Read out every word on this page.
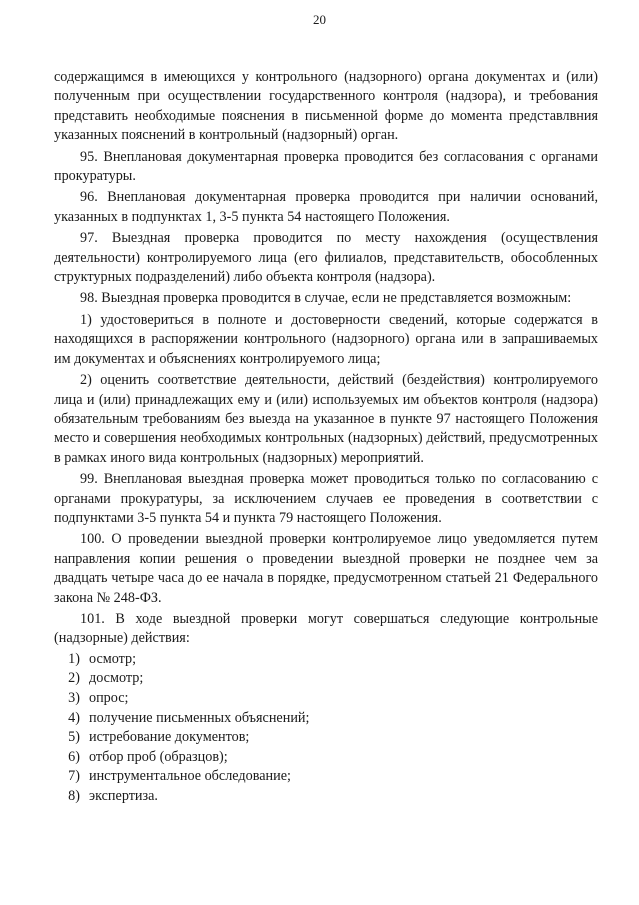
20

содержащимся в имеющихся у контрольного (надзорного) органа документах и (или) полученным при осуществлении государственного контроля (надзора), и требования представить необходимые пояснения в письменной форме до момента представлвния указанных пояснений в контрольный (надзорный) орган.

95. Внеплановая документарная проверка проводится без согласования с органами прокуратуры.

96. Внеплановая документарная проверка проводится при наличии оснований, указанных в подпунктах 1, 3-5 пункта 54 настоящего Положения.

97. Выездная проверка проводится по месту нахождения (осуществления деятельности) контролируемого лица (его филиалов, представительств, обособленных структурных подразделений) либо объекта контроля (надзора).

98. Выездная проверка проводится в случае, если не представляется возможным:

1) удостовериться в полноте и достоверности сведений, которые содержатся в находящихся в распоряжении контрольного (надзорного) органа или в запрашиваемых им документах и объяснениях контролируемого лица;

2) оценить соответствие деятельности, действий (бездействия) контролируемого лица и (или) принадлежащих ему и (или) используемых им объектов контроля (надзора) обязательным требованиям без выезда на указанное в пункте 97 настоящего Положения место и совершения необходимых контрольных (надзорных) действий, предусмотренных в рамках иного вида контрольных (надзорных) мероприятий.

99. Внеплановая выездная проверка может проводиться только по согласованию с органами прокуратуры, за исключением случаев ее проведения в соответствии с подпунктами 3-5 пункта 54 и пункта 79 настоящего Положения.

100. О проведении выездной проверки контролируемое лицо уведомляется путем направления копии решения о проведении выездной проверки не позднее чем за двадцать четыре часа до ее начала в порядке, предусмотренном статьей 21 Федерального закона № 248-ФЗ.

101. В ходе выездной проверки могут совершаться следующие контрольные (надзорные) действия:

1) осмотр;
2) досмотр;
3) опрос;
4) получение письменных объяснений;
5) истребование документов;
6) отбор проб (образцов);
7) инструментальное обследование;
8) экспертиза.
